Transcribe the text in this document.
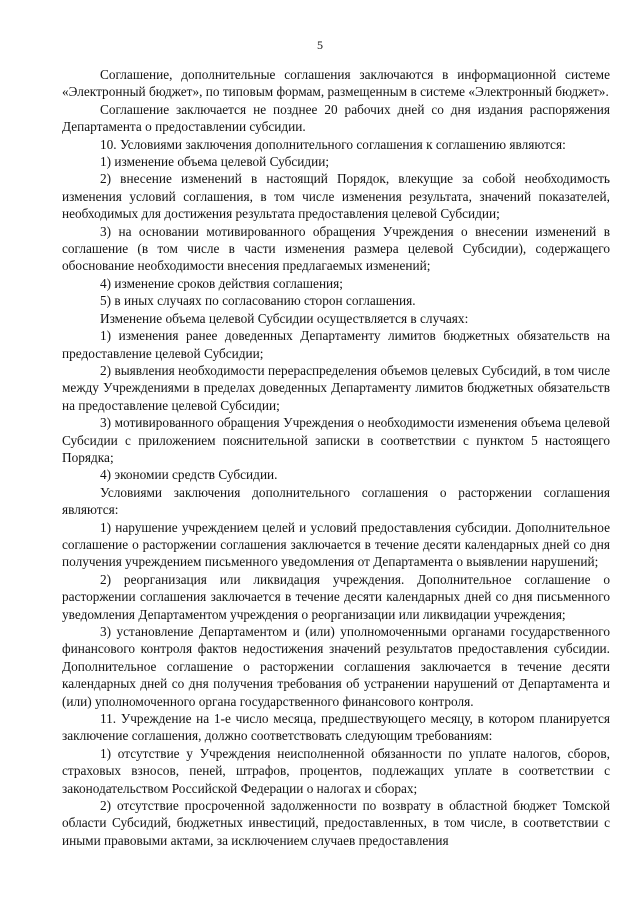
5

Соглашение, дополнительные соглашения заключаются в информационной системе «Электронный бюджет», по типовым формам, размещенным в системе «Электронный бюджет».

Соглашение заключается не позднее 20 рабочих дней со дня издания распоряжения Департамента о предоставлении субсидии.

10. Условиями заключения дополнительного соглашения к соглашению являются:

1) изменение объема целевой Субсидии;

2) внесение изменений в настоящий Порядок, влекущие за собой необходимость изменения условий соглашения, в том числе изменения результата, значений показателей, необходимых для достижения результата предоставления целевой Субсидии;

3) на основании мотивированного обращения Учреждения о внесении изменений в соглашение (в том числе в части изменения размера целевой Субсидии), содержащего обоснование необходимости внесения предлагаемых изменений;

4) изменение сроков действия соглашения;

5) в иных случаях по согласованию сторон соглашения.

Изменение объема целевой Субсидии осуществляется в случаях:

1) изменения ранее доведенных Департаменту лимитов бюджетных обязательств на предоставление целевой Субсидии;

2) выявления необходимости перераспределения объемов целевых Субсидий, в том числе между Учреждениями в пределах доведенных Департаменту лимитов бюджетных обязательств на предоставление целевой Субсидии;

3) мотивированного обращения Учреждения о необходимости изменения объема целевой Субсидии с приложением пояснительной записки в соответствии с пунктом 5 настоящего Порядка;

4) экономии средств Субсидии.

Условиями заключения дополнительного соглашения о расторжении соглашения являются:

1) нарушение учреждением целей и условий предоставления субсидии. Дополнительное соглашение о расторжении соглашения заключается в течение десяти календарных дней со дня получения учреждением письменного уведомления от Департамента о выявлении нарушений;

2) реорганизация или ликвидация учреждения. Дополнительное соглашение о расторжении соглашения заключается в течение десяти календарных дней со дня письменного уведомления Департаментом учреждения о реорганизации или ликвидации учреждения;

3) установление Департаментом и (или) уполномоченными органами государственного финансового контроля фактов недостижения значений результатов предоставления субсидии. Дополнительное соглашение о расторжении соглашения заключается в течение десяти календарных дней со дня получения требования об устранении нарушений от Департамента и (или) уполномоченного органа государственного финансового контроля.

11. Учреждение на 1-е число месяца, предшествующего месяцу, в котором планируется заключение соглашения, должно соответствовать следующим требованиям:

1) отсутствие у Учреждения неисполненной обязанности по уплате налогов, сборов, страховых взносов, пеней, штрафов, процентов, подлежащих уплате в соответствии с законодательством Российской Федерации о налогах и сборах;

2) отсутствие просроченной задолженности по возврату в областной бюджет Томской области Субсидий, бюджетных инвестиций, предоставленных, в том числе, в соответствии с иными правовыми актами, за исключением случаев предоставления
